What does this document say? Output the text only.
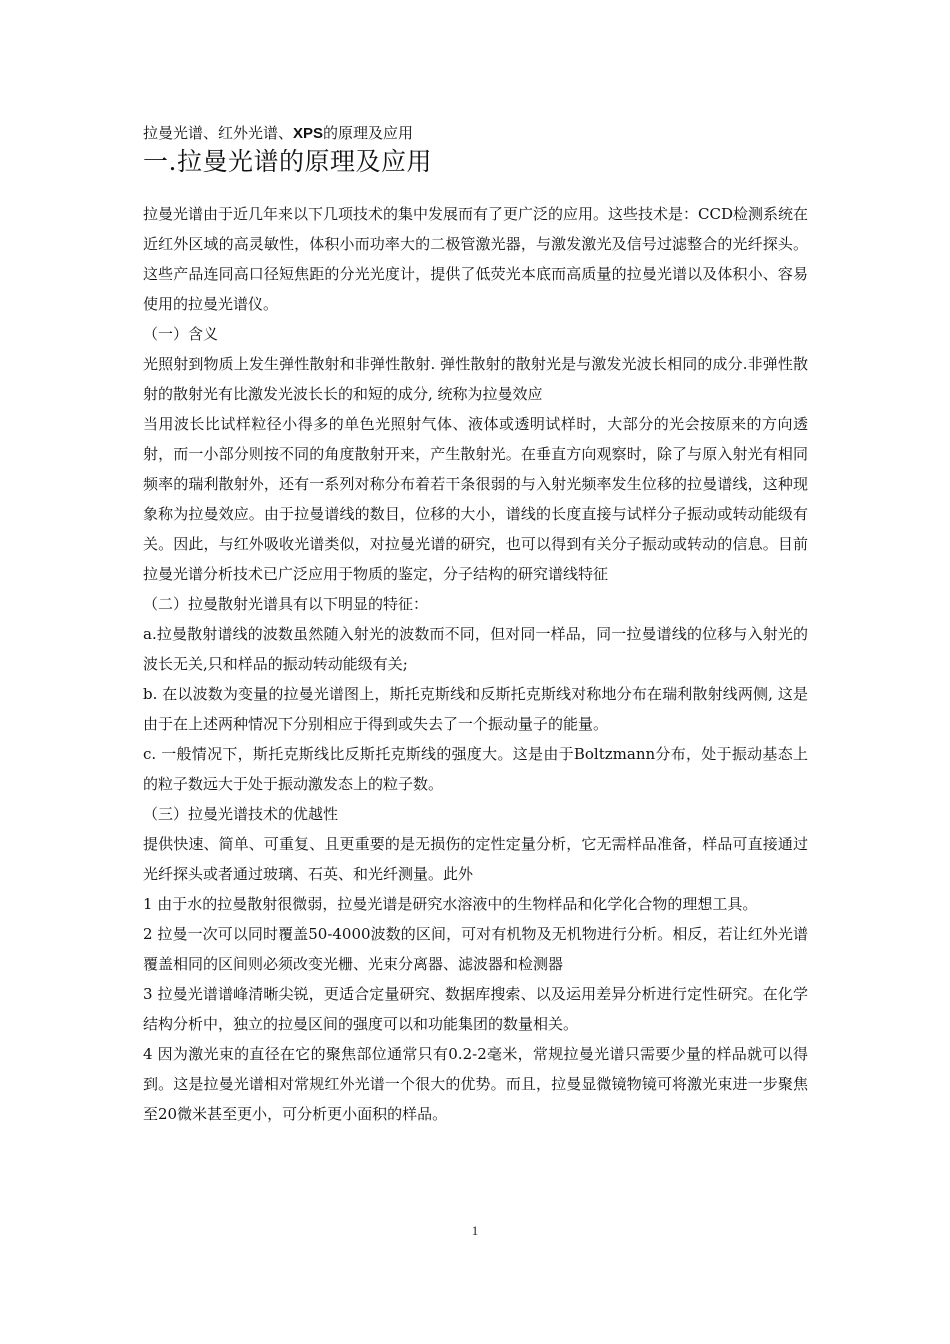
拉曼光谱、红外光谱、XPS的原理及应用

一.拉曼光谱的原理及应用

拉曼光谱由于近几年来以下几项技术的集中发展而有了更广泛的应用。这些技术是：CCD检测系统在近红外区域的高灵敏性，体积小而功率大的二极管激光器，与激发激光及信号过滤整合的光纤探头。这些产品连同高口径短焦距的分光光度计，提供了低荧光本底而高质量的拉曼光谱以及体积小、容易使用的拉曼光谱仪。

（一）含义

光照射到物质上发生弹性散射和非弹性散射. 弹性散射的散射光是与激发光波长相同的成分.非弹性散射的散射光有比激发光波长长的和短的成分, 统称为拉曼效应

当用波长比试样粒径小得多的单色光照射气体、液体或透明试样时，大部分的光会按原来的方向透射，而一小部分则按不同的角度散射开来，产生散射光。在垂直方向观察时，除了与原入射光有相同频率的瑞利散射外，还有一系列对称分布着若干条很弱的与入射光频率发生位移的拉曼谱线，这种现象称为拉曼效应。由于拉曼谱线的数目，位移的大小，谱线的长度直接与试样分子振动或转动能级有关。因此，与红外吸收光谱类似，对拉曼光谱的研究，也可以得到有关分子振动或转动的信息。目前拉曼光谱分析技术已广泛应用于物质的鉴定，分子结构的研究谱线特征

（二）拉曼散射光谱具有以下明显的特征：

a.拉曼散射谱线的波数虽然随入射光的波数而不同，但对同一样品，同一拉曼谱线的位移与入射光的波长无关,只和样品的振动转动能级有关;

b. 在以波数为变量的拉曼光谱图上，斯托克斯线和反斯托克斯线对称地分布在瑞利散射线两侧, 这是由于在上述两种情况下分别相应于得到或失去了一个振动量子的能量。

c. 一般情况下，斯托克斯线比反斯托克斯线的强度大。这是由于Boltzmann分布，处于振动基态上的粒子数远大于处于振动激发态上的粒子数。

（三）拉曼光谱技术的优越性

提供快速、简单、可重复、且更重要的是无损伤的定性定量分析，它无需样品准备，样品可直接通过光纤探头或者通过玻璃、石英、和光纤测量。此外

1 由于水的拉曼散射很微弱，拉曼光谱是研究水溶液中的生物样品和化学化合物的理想工具。

2 拉曼一次可以同时覆盖50-4000波数的区间，可对有机物及无机物进行分析。相反，若让红外光谱覆盖相同的区间则必须改变光栅、光束分离器、滤波器和检测器

3 拉曼光谱谱峰清晰尖锐，更适合定量研究、数据库搜索、以及运用差异分析进行定性研究。在化学结构分析中，独立的拉曼区间的强度可以和功能集团的数量相关。

4 因为激光束的直径在它的聚焦部位通常只有0.2-2毫米，常规拉曼光谱只需要少量的样品就可以得到。这是拉曼光谱相对常规红外光谱一个很大的优势。而且，拉曼显微镜物镜可将激光束进一步聚焦至20微米甚至更小，可分析更小面积的样品。

1
